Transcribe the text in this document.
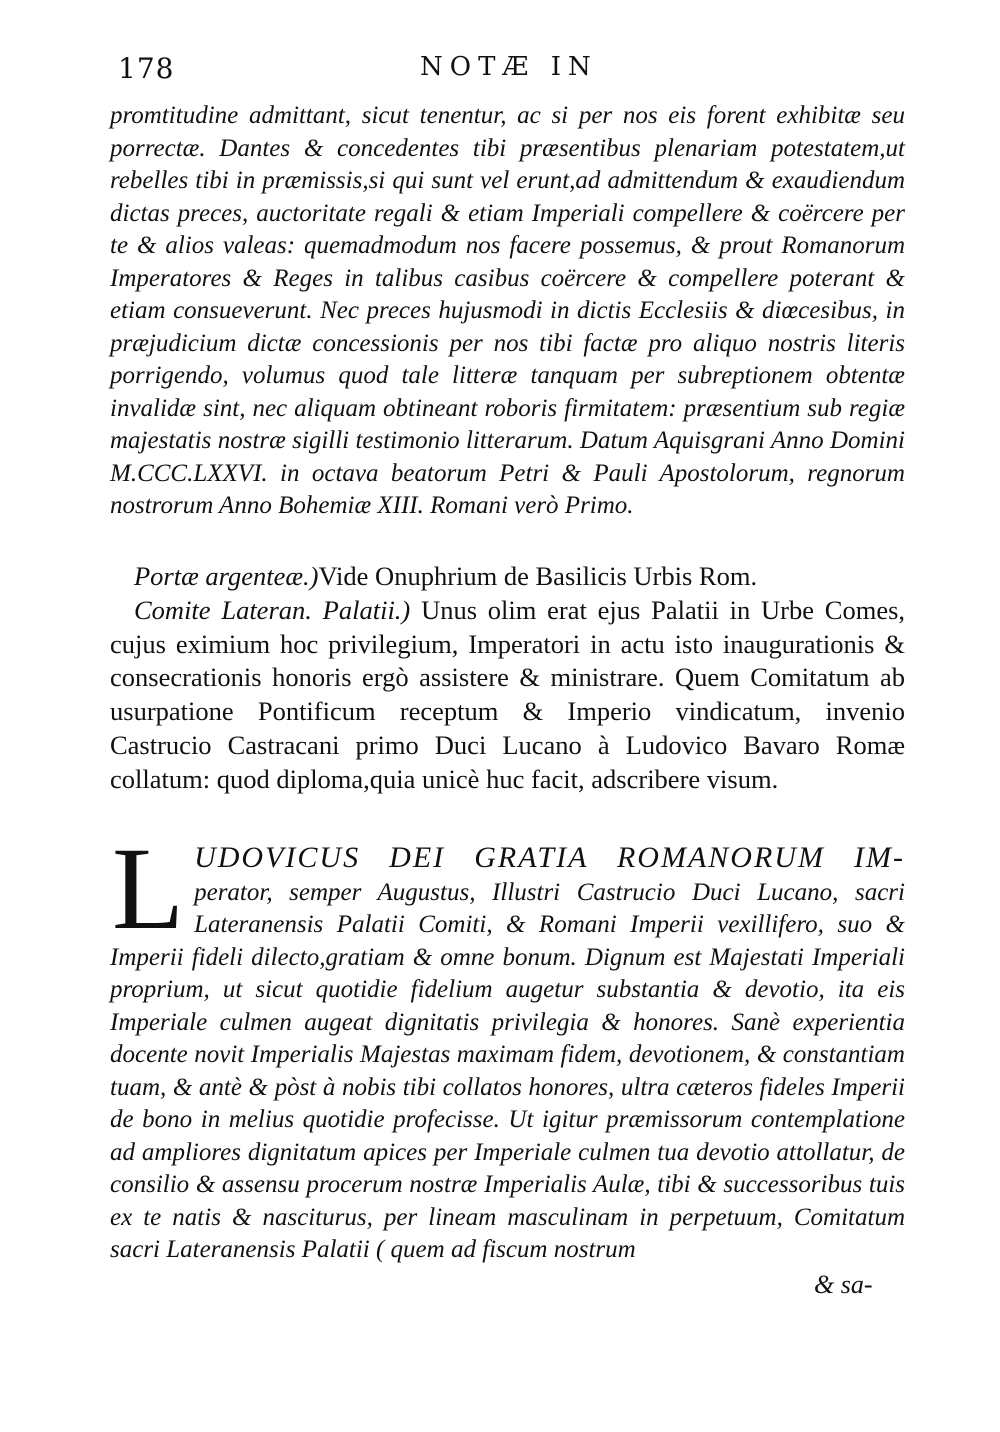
178	NOTÆ IN
promtitudine admittant, sicut tenentur, ac si per nos eis forent exhibitæ seu porrectæ. Dantes & concedentes tibi præsentibus plenariam potestatem,ut rebelles tibi in præmissis,si qui sunt vel erunt,ad admittendum & exaudiendum dictas preces, auctoritate regali & etiam Imperiali compellere & coërcere per te & alios valeas: quemadmodum nos facere possemus, & prout Romanorum Imperatores & Reges in talibus casibus coërcere & compellere poterant & etiam consueverunt. Nec preces hujusmodi in dictis Ecclesiis & diœcesibus, in præjudicium dictæ concessionis per nos tibi factæ pro aliquo nostris literis porrigendo, volumus quod tale litteræ tanquam per subreptionem obtentæ invalidæ sint, nec aliquam obtineant roboris firmitatem: præsentium sub regiæ majestatis nostræ sigilli testimonio litterarum. Datum Aquisgrani Anno Domini M.CCC.LXXVI. in octava beatorum Petri & Pauli Apostolorum, regnorum nostrorum Anno Bohemiæ XIII. Romani verò Primo.

Portæ argenteæ.)Vide Onuphrium de Basilicis Urbis Rom.

Comite Lateran. Palatii.) Unus olim erat ejus Palatii in Urbe Comes, cujus eximium hoc privilegium, Imperatori in actu isto inaugurationis & consecrationis honoris ergò assistere & ministrare. Quem Comitatum ab usurpatione Pontificum receptum & Imperio vindicatum, invenio Castrucio Castracani primo Duci Lucano à Ludovico Bavaro Romæ collatum: quod diploma,quia unicè huc facit, adscribere visum.

LUDOVICUS DEI GRATIA ROMANORUM IM- perator, semper Augustus, Illustri Castrucio Duci Lucano, sacri Lateranensis Palatii Comiti, & Romani Imperii vexillifero, suo & Imperii fideli dilecto,gratiam & omne bonum. Dignum est Majestati Imperiali proprium, ut sicut quotidie fidelium augetur substantia & devotio, ita eis Imperiale culmen augeat dignitatis privilegia & honores. Sanè experientia docente novit Imperialis Majestas maximam fidem, devotionem, & constantiam tuam, & antè & pòst à nobis tibi collatos honores, ultra cæteros fideles Imperii de bono in melius quotidie profecisse. Ut igitur præmissorum contemplatione ad ampliores dignitatum apices per Imperiale culmen tua devotio attollatur, de consilio & assensu procerum nostræ Imperialis Aulæ, tibi & successoribus tuis ex te natis & nasciturus, per lineam masculinam in perpetuum, Comitatum sacri Lateranensis Palatii ( quem ad fiscum nostrum
& sa-
